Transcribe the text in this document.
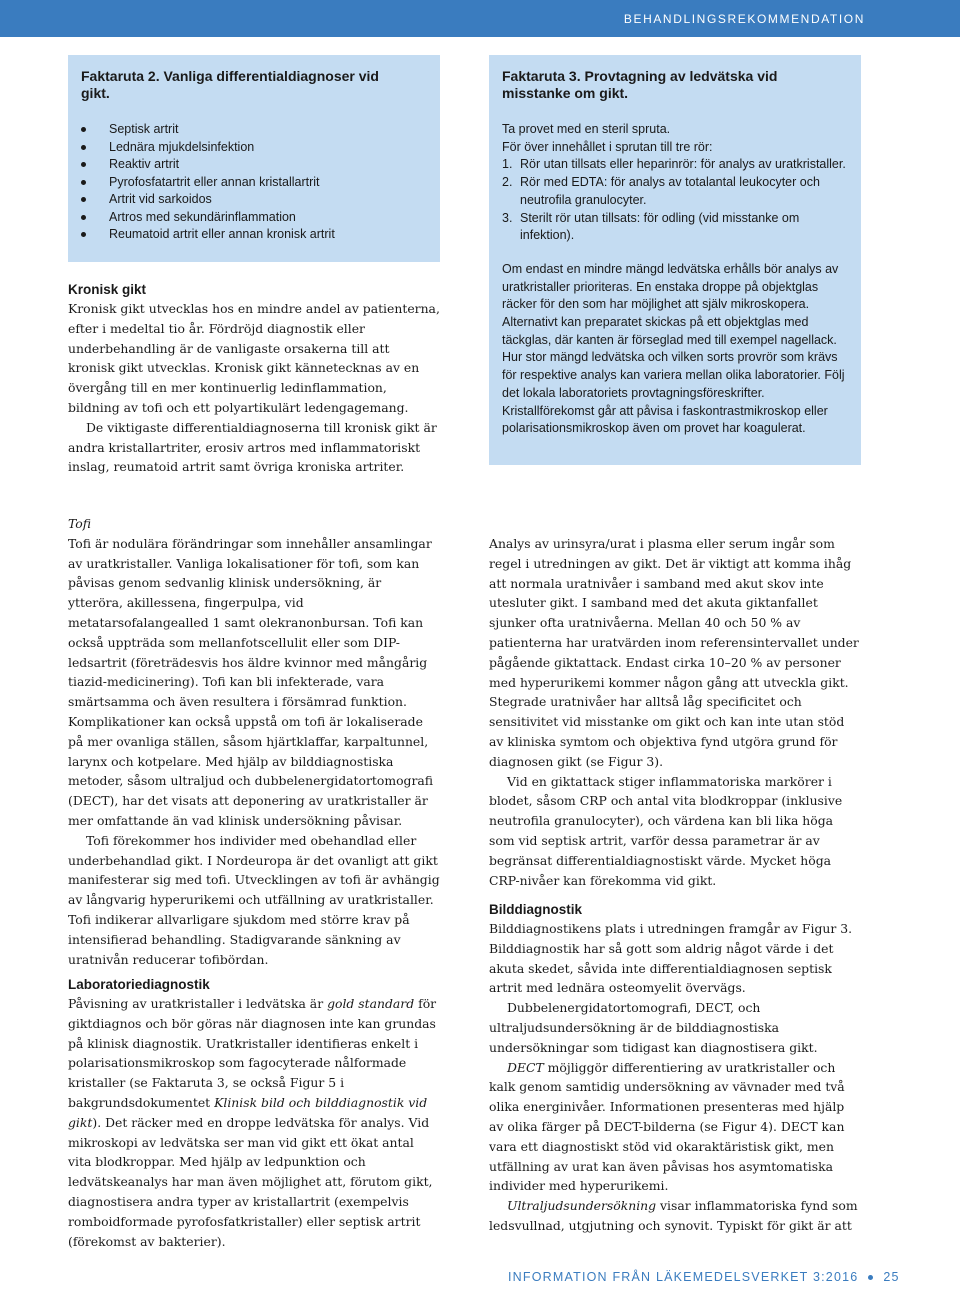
BEHANDLINGSREKOMMENDATION

Faktaruta 2. Vanliga differentialdiagnoser vid gikt.

Septisk artrit
Lednära mjukdelsinfektion
Reaktiv artrit
Pyrofosfatartrit eller annan kristallartrit
Artrit vid sarkoidos
Artros med sekundärinflammation
Reumatoid artrit eller annan kronisk artrit

Faktaruta 3. Provtagning av ledvätska vid misstanke om gikt.

Ta provet med en steril spruta.

För över innehållet i sprutan till tre rör:

1. Rör utan tillsats eller heparinrör: för analys av uratkristaller.
2. Rör med EDTA: för analys av totalantal leukocyter och neutrofila granulocyter.
3. Sterilt rör utan tillsats: för odling (vid misstanke om infektion).

Om endast en mindre mängd ledvätska erhålls bör analys av uratkristaller prioriteras. En enstaka droppe på objektglas räcker för den som har möjlighet att själv mikroskopera. Alternativt kan preparatet skickas på ett objektglas med täckglas, där kanten är förseglad med till exempel nagellack. Hur stor mängd ledvätska och vilken sorts provrör som krävs för respektive analys kan variera mellan olika laboratorier. Följ det lokala laboratoriets provtagningsföreskrifter. Kristallförekomst går att påvisa i faskontrastmikroskop eller polarisationsmikroskop även om provet har koagulerat.

Kronisk gikt

Kronisk gikt utvecklas hos en mindre andel av patienterna, efter i medeltal tio år. Fördröjd diagnostik eller underbehandling är de vanligaste orsakerna till att kronisk gikt utvecklas. Kronisk gikt kännetecknas av en övergång till en mer kontinuerlig ledinflammation, bildning av tofi och ett polyartikulärt ledengagemang.

De viktigaste differentialdiagnoserna till kronisk gikt är andra kristallartriter, erosiv artros med inflammatoriskt inslag, reumatoid artrit samt övriga kroniska artriter.

Tofi

Tofi är nodulära förändringar som innehåller ansamlingar av uratkristaller. Vanliga lokalisationer för tofi, som kan påvisas genom sedvanlig klinisk undersökning, är ytteröra, akillessena, fingerpulpa, vid metatarsofalangealled 1 samt olekranonbursan. Tofi kan också uppträda som mellanfotscellulit eller som DIP-ledsartrit (företrädesvis hos äldre kvinnor med mångårig tiazid-medicinering). Tofi kan bli infekterade, vara smärtsamma och även resultera i försämrad funktion. Komplikationer kan också uppstå om tofi är lokaliserade på mer ovanliga ställen, såsom hjärtklaffar, karpaltunnel, larynx och kotpelare. Med hjälp av bilddiagnostiska metoder, såsom ultraljud och dubbelenergidatortomografi (DECT), har det visats att deponering av uratkristaller är mer omfattande än vad klinisk undersökning påvisar.

Tofi förekommer hos individer med obehandlad eller underbehandlad gikt. I Nordeuropa är det ovanligt att gikt manifesterar sig med tofi. Utvecklingen av tofi är avhängig av långvarig hyperurikemi och utfällning av uratkristaller. Tofi indikerar allvarligare sjukdom med större krav på intensifierad behandling. Stadigvarande sänkning av uratnivån reducerar tofibördan.

Laboratoriediagnostik

Påvisning av uratkristaller i ledvätska är gold standard för giktdiagnos och bör göras när diagnosen inte kan grundas på klinisk diagnostik. Uratkristaller identifieras enkelt i polarisationsmikroskop som fagocyterade nålformade kristaller (se Faktaruta 3, se också Figur 5 i bakgrundsdokumentet Klinisk bild och bilddiagnostik vid gikt). Det räcker med en droppe ledvätska för analys. Vid mikroskopi av ledvätska ser man vid gikt ett ökat antal vita blodkroppar. Med hjälp av ledpunktion och ledvätskeanalys har man även möjlighet att, förutom gikt, diagnostisera andra typer av kristallartrit (exempelvis romboidformade pyrofosfatkristaller) eller septisk artrit (förekomst av bakterier).

Analys av urinsyra/urat i plasma eller serum ingår som regel i utredningen av gikt. Det är viktigt att komma ihåg att normala uratnivåer i samband med akut skov inte utesluter gikt. I samband med det akuta giktanfallet sjunker ofta uratnivåerna. Mellan 40 och 50 % av patienterna har uratvärden inom referensintervallet under pågående giktattack. Endast cirka 10–20 % av personer med hyperurikemi kommer någon gång att utveckla gikt. Stegrade uratnivåer har alltså låg specificitet och sensitivitet vid misstanke om gikt och kan inte utan stöd av kliniska symtom och objektiva fynd utgöra grund för diagnosen gikt (se Figur 3).

Vid en giktattack stiger inflammatoriska markörer i blodet, såsom CRP och antal vita blodkroppar (inklusive neutrofila granulocyter), och värdena kan bli lika höga som vid septisk artrit, varför dessa parametrar är av begränsat differentialdiagnostiskt värde. Mycket höga CRP-nivåer kan förekomma vid gikt.

Bilddiagnostik

Bilddiagnostikens plats i utredningen framgår av Figur 3. Bilddiagnostik har så gott som aldrig något värde i det akuta skedet, såvida inte differentialdiagnosen septisk artrit med lednära osteomyelit övervägs.

Dubbelenergidatortomografi, DECT, och ultraljudsundersökning är de bilddiagnostiska undersökningar som tidigast kan diagnostisera gikt.

DECT möjliggör differentiering av uratkristaller och kalk genom samtidig undersökning av vävnader med två olika energinivåer. Informationen presenteras med hjälp av olika färger på DECT-bilderna (se Figur 4). DECT kan vara ett diagnostiskt stöd vid okaraktäristisk gikt, men utfällning av urat kan även påvisas hos asymtomatiska individer med hyperurikemi.

Ultraljudsundersökning visar inflammatoriska fynd som ledsvullnad, utgjutning och synovit. Typiskt för gikt är att

INFORMATION FRÅN LÄKEMEDELSVERKET 3:2016 25
